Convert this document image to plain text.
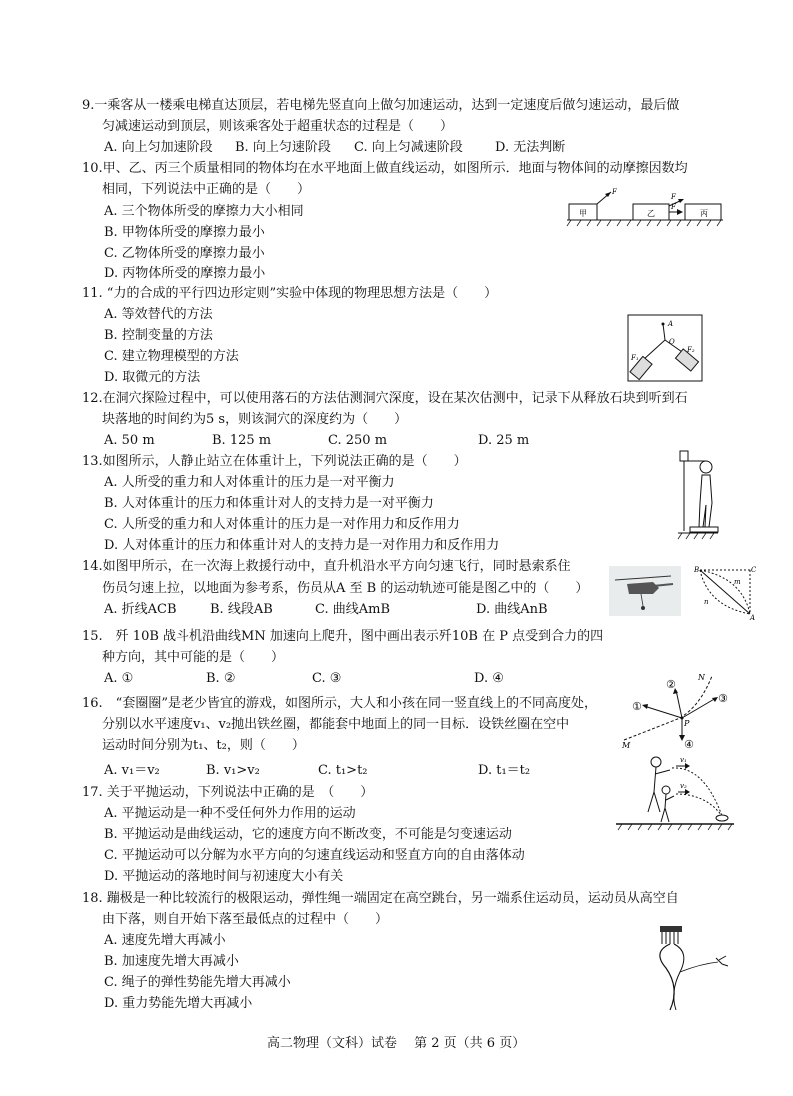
9.一乘客从一楼乘电梯直达顶层，若电梯先竖直向上做匀加速运动，达到一定速度后做匀速运动，最后做
匀减速运动到顶层，则该乘客处于超重状态的过程是（　　）
A. 向上匀加速阶段 B. 向上匀速阶段 C. 向上匀减速阶段 D. 无法判断
10.甲、乙、丙三个质量相同的物体均在水平地面上做直线运动，如图所示．地面与物体间的动摩擦因数均
相同，下列说法中正确的是（　　）
A. 三个物体所受的摩擦力大小相同
B. 甲物体所受的摩擦力最小
C. 乙物体所受的摩擦力最小
D. 丙物体所受的摩擦力最小
甲	乙	丙
F
F
F
11. “力的合成的平行四边形定则”实验中体现的物理思想方法是（　　）
A. 等效替代的方法
B. 控制变量的方法
C. 建立物理模型的方法
D. 取微元的方法
A
O
F₁
F₂
12.在洞穴探险过程中，可以使用落石的方法估测洞穴深度，设在某次估测中，记录下从释放石块到听到石
块落地的时间约为5 s，则该洞穴的深度约为（　　）
A. 50 m	B. 125 m	C. 250 m	D. 25 m
13.如图所示，人静止站立在体重计上，下列说法正确的是（　　）
A. 人所受的重力和人对体重计的压力是一对平衡力
B. 人对体重计的压力和体重计对人的支持力是一对平衡力
C. 人所受的重力和人对体重计的压力是一对作用力和反作用力
D. 人对体重计的压力和体重计对人的支持力是一对作用力和反作用力
14.如图甲所示，在一次海上救援行动中，直升机沿水平方向匀速飞行，同时悬索系住
伤员匀速上拉，以地面为参考系，伤员从A 至 B 的运动轨迹可能是图乙中的（　　）
A. 折线ACB	B. 线段AB	C. 曲线AmB	D. 曲线AnB
B	C
m
n
A
15.　歼 10B 战斗机沿曲线MN 加速向上爬升，图中画出表示歼10B 在 P 点受到合力的四
种方向，其中可能的是（　　）
A. ①	B. ②	C. ③	D. ④
①
②
③
④
N
P
M
16.　“套圈圈”是老少皆宜的游戏，如图所示，大人和小孩在同一竖直线上的不同高度处，
分别以水平速度v₁、v₂抛出铁丝圈，都能套中地面上的同一目标．设铁丝圈在空中
运动时间分别为t₁、t₂，则（　　）
A. v₁＝v₂	B. v₁>v₂	C. t₁>t₂	D. t₁＝t₂
v₁
v₂
17. 关于平抛运动，下列说法中正确的是　（　　）
A. 平抛运动是一种不受任何外力作用的运动
B. 平抛运动是曲线运动，它的速度方向不断改变，不可能是匀变速运动
C. 平抛运动可以分解为水平方向的匀速直线运动和竖直方向的自由落体动
D. 平抛运动的落地时间与初速度大小有关
18. 蹦极是一种比较流行的极限运动，弹性绳一端固定在高空跳台，另一端系住运动员，运动员从高空自
由下落，则自开始下落至最低点的过程中（　　）
A. 速度先增大再减小
B. 加速度先增大再减小
C. 绳子的弹性势能先增大再减小
D. 重力势能先增大再减小
高二物理（文科）试卷　 第 2 页（共 6 页）
